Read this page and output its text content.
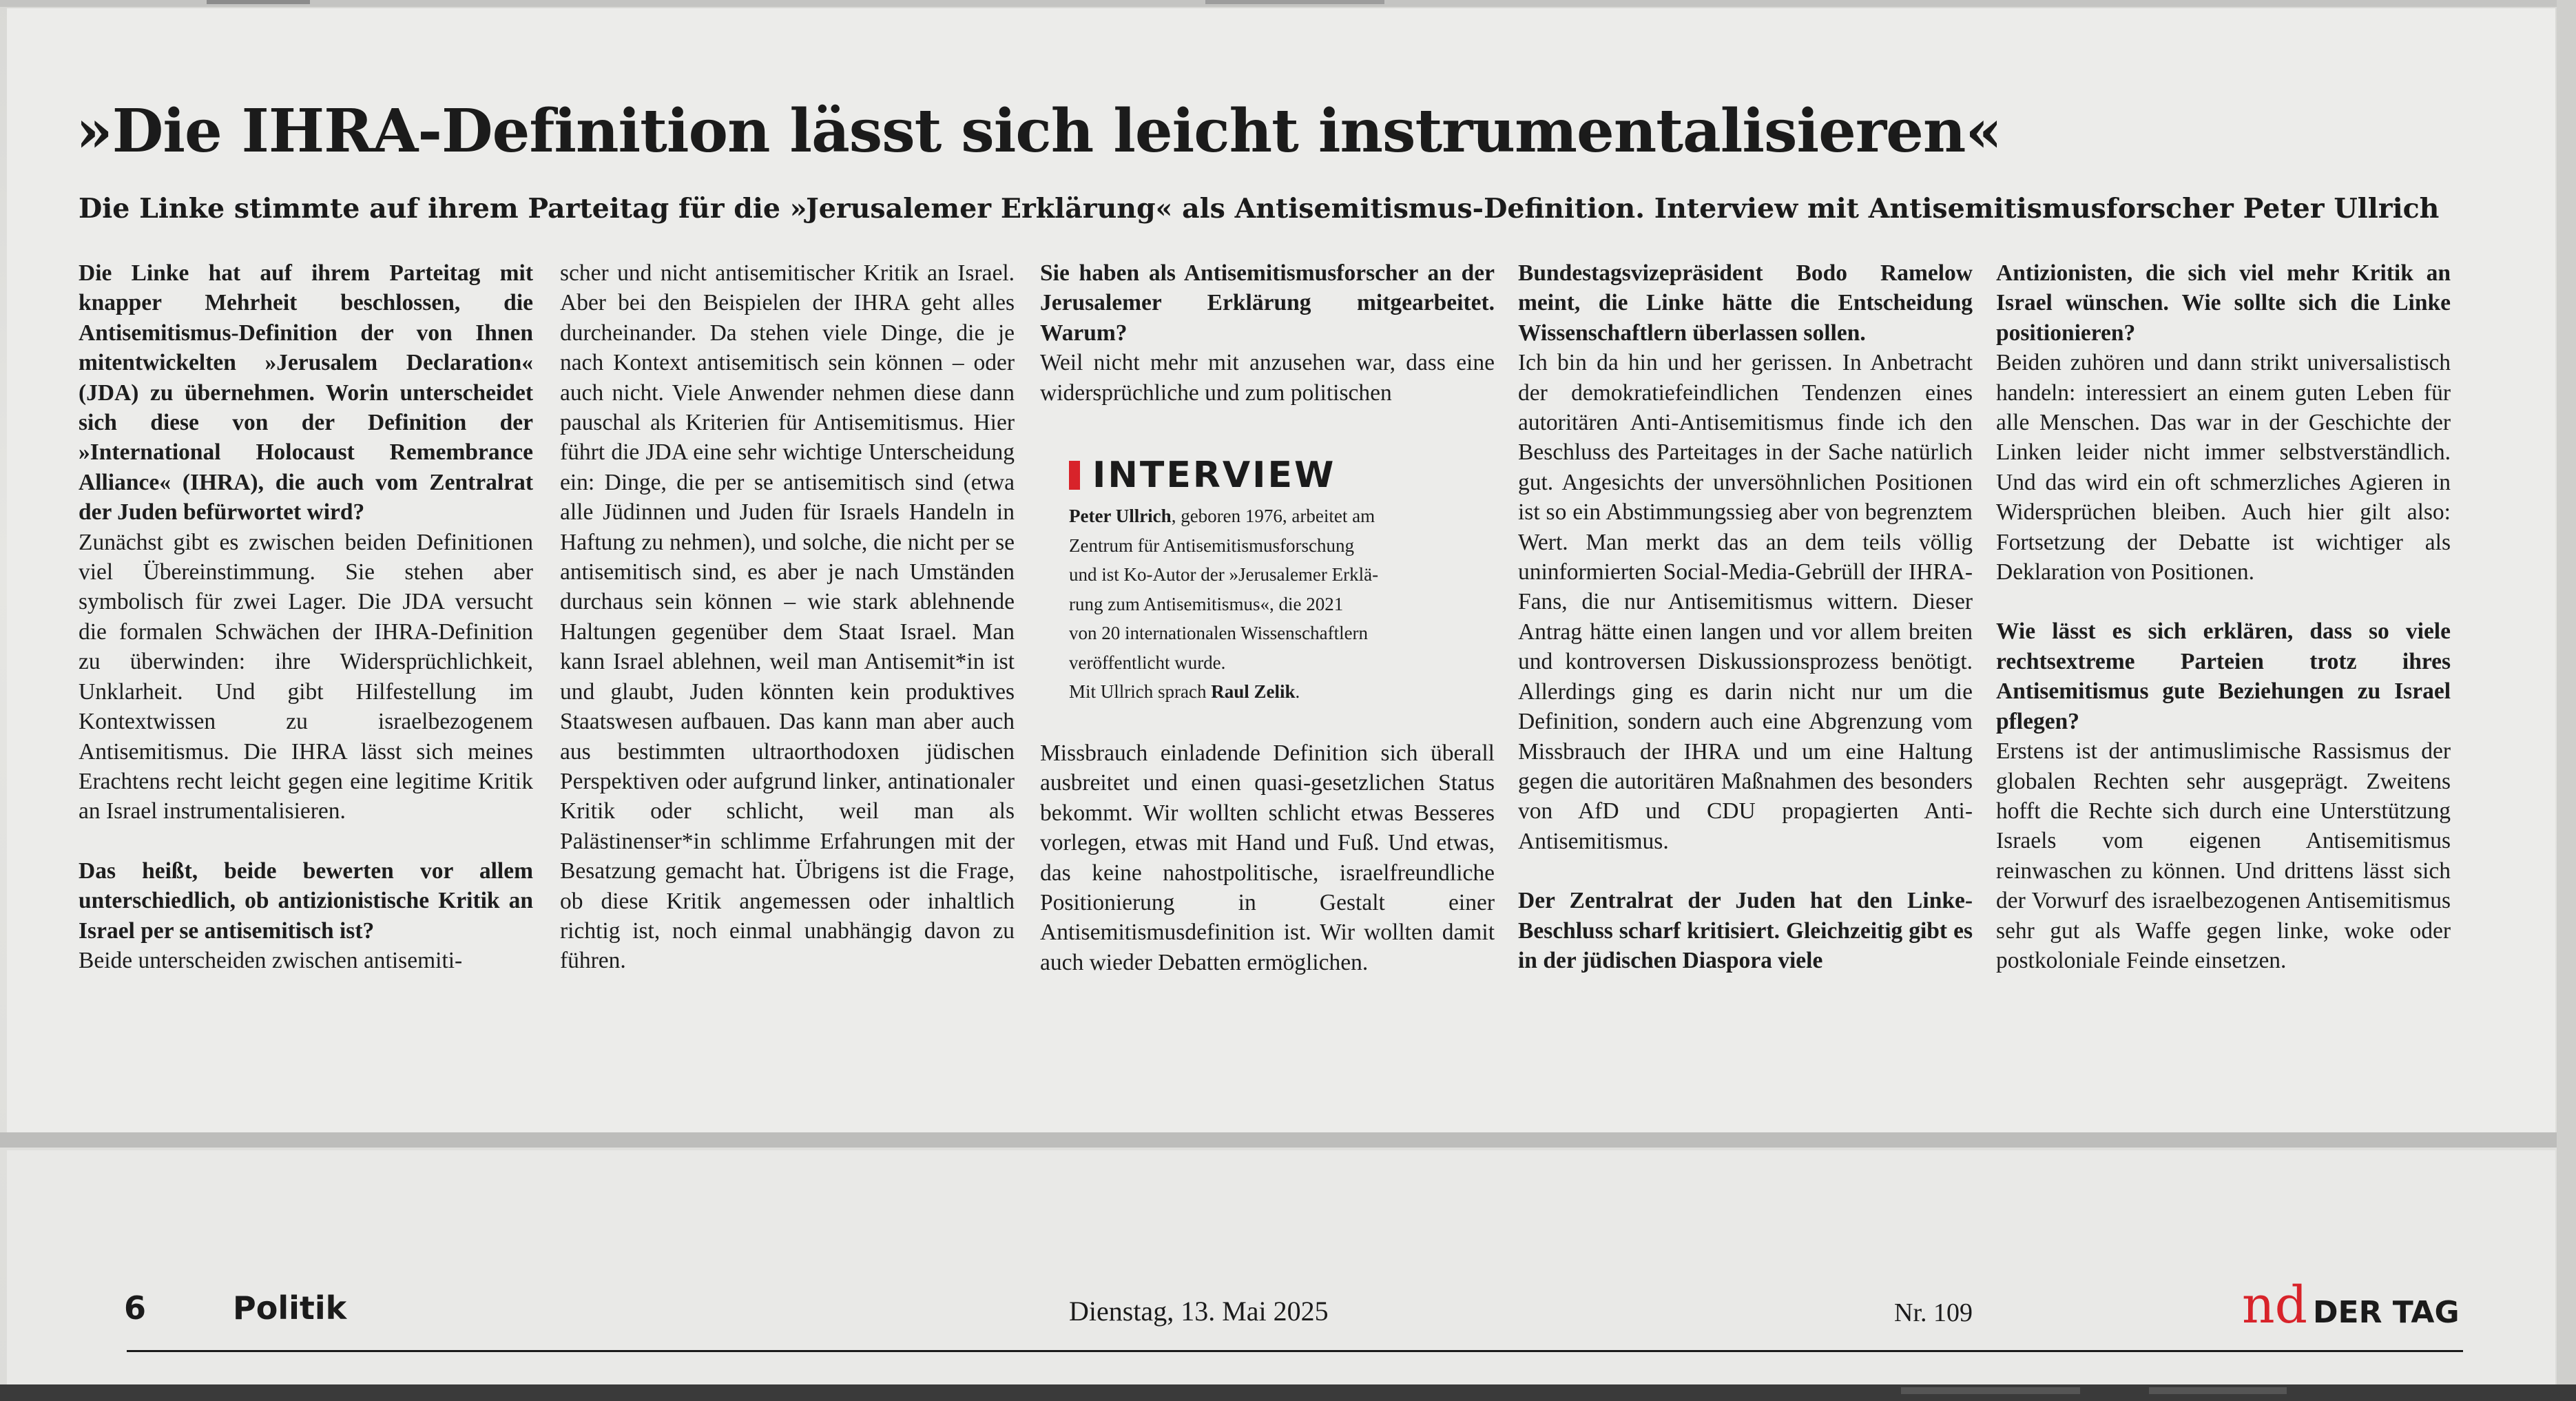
»Die IHRA-Definition lässt sich leicht instrumentalisieren«
Die Linke stimmte auf ihrem Parteitag für die »Jerusalemer Erklärung« als Antisemitismus-Definition. Interview mit Antisemitismusforscher Peter Ullrich

Die Linke hat auf ihrem Parteitag mit knapper Mehrheit beschlossen, die Antisemitismus-Definition der von Ihnen mitentwickelten »Jerusalem Declaration« (JDA) zu übernehmen. Worin unterscheidet sich diese von der Definition der »International Holocaust Remembrance Alliance« (IHRA), die auch vom Zentralrat der Juden befürwortet wird?

Zunächst gibt es zwischen beiden Definitionen viel Übereinstimmung. Sie stehen aber symbolisch für zwei Lager. Die JDA versucht die formalen Schwächen der IHRA-Definition zu überwinden: ihre Widersprüchlichkeit, Unklarheit. Und gibt Hilfestellung im Kontextwissen zu israelbezogenem Antisemitismus. Die IHRA lässt sich meines Erachtens recht leicht gegen eine legitime Kritik an Israel instrumentalisieren.

Das heißt, beide bewerten vor allem unterschiedlich, ob antizionistische Kritik an Israel per se antisemitisch ist?

Beide unterscheiden zwischen antisemiti-

scher und nicht antisemitischer Kritik an Israel. Aber bei den Beispielen der IHRA geht alles durcheinander. Da stehen viele Dinge, die je nach Kontext antisemitisch sein können – oder auch nicht. Viele Anwender nehmen diese dann pauschal als Kriterien für Antisemitismus. Hier führt die JDA eine sehr wichtige Unterscheidung ein: Dinge, die per se antisemitisch sind (etwa alle Jüdinnen und Juden für Israels Handeln in Haftung zu nehmen), und solche, die nicht per se antisemitisch sind, es aber je nach Umständen durchaus sein können – wie stark ablehnende Haltungen gegenüber dem Staat Israel. Man kann Israel ablehnen, weil man Antisemit*in ist und glaubt, Juden könnten kein produktives Staatswesen aufbauen. Das kann man aber auch aus bestimmten ultraorthodoxen jüdischen Perspektiven oder aufgrund linker, antinationaler Kritik oder schlicht, weil man als Palästinenser*in schlimme Erfahrungen mit der Besatzung gemacht hat. Übrigens ist die Frage, ob diese Kritik angemessen oder inhaltlich richtig ist, noch einmal unabhängig davon zu führen.

Sie haben als Antisemitismusforscher an der Jerusalemer Erklärung mitgearbeitet. Warum?

Weil nicht mehr mit anzusehen war, dass eine widersprüchliche und zum politischen

Missbrauch einladende Definition sich überall ausbreitet und einen quasi-gesetzlichen Status bekommt. Wir wollten schlicht etwas Besseres vorlegen, etwas mit Hand und Fuß. Und etwas, das keine nahostpolitische, israelfreundliche Positionierung in Gestalt einer Antisemitismusdefinition ist. Wir wollten damit auch wieder Debatten ermöglichen.

INTERVIEW

Peter Ullrich, geboren 1976, arbeitet am

Zentrum für Antisemitismusforschung

und ist Ko-Autor der »Jerusalemer Erklä-

rung zum Antisemitismus«, die 2021

von 20 internationalen Wissenschaftlern

veröffentlicht wurde.

Mit Ullrich sprach Raul Zelik.

Bundestagsvizepräsident Bodo Ramelow meint, die Linke hätte die Entscheidung Wissenschaftlern überlassen sollen.

Ich bin da hin und her gerissen. In Anbetracht der demokratiefeindlichen Tendenzen eines autoritären Anti-Antisemitismus finde ich den Beschluss des Parteitages in der Sache natürlich gut. Angesichts der unversöhnlichen Positionen ist so ein Abstimmungssieg aber von begrenztem Wert. Man merkt das an dem teils völlig uninformierten Social-Media-Gebrüll der IHRA-Fans, die nur Antisemitismus wittern. Dieser Antrag hätte einen langen und vor allem breiten und kontroversen Diskussionsprozess benötigt. Allerdings ging es darin nicht nur um die Definition, sondern auch eine Abgrenzung vom Missbrauch der IHRA und um eine Haltung gegen die autoritären Maßnahmen des besonders von AfD und CDU propagierten Anti-Antisemitismus.

Der Zentralrat der Juden hat den Linke-Beschluss scharf kritisiert. Gleichzeitig gibt es in der jüdischen Diaspora viele

Antizionisten, die sich viel mehr Kritik an Israel wünschen. Wie sollte sich die Linke positionieren?

Beiden zuhören und dann strikt universalistisch handeln: interessiert an einem guten Leben für alle Menschen. Das war in der Geschichte der Linken leider nicht immer selbstverständlich. Und das wird ein oft schmerzliches Agieren in Widersprüchen bleiben. Auch hier gilt also: Fortsetzung der Debatte ist wichtiger als Deklaration von Positionen.

Wie lässt es sich erklären, dass so viele rechtsextreme Parteien trotz ihres Antisemitismus gute Beziehungen zu Israel pflegen?

Erstens ist der antimuslimische Rassismus der globalen Rechten sehr ausgeprägt. Zweitens hofft die Rechte sich durch eine Unterstützung Israels vom eigenen Antisemitismus reinwaschen zu können. Und drittens lässt sich der Vorwurf des israelbezogenen Antisemitismus sehr gut als Waffe gegen linke, woke oder postkoloniale Feinde einsetzen.

6	Politik	Dienstag, 13. Mai 2025	Nr. 109	nd DER TAG
